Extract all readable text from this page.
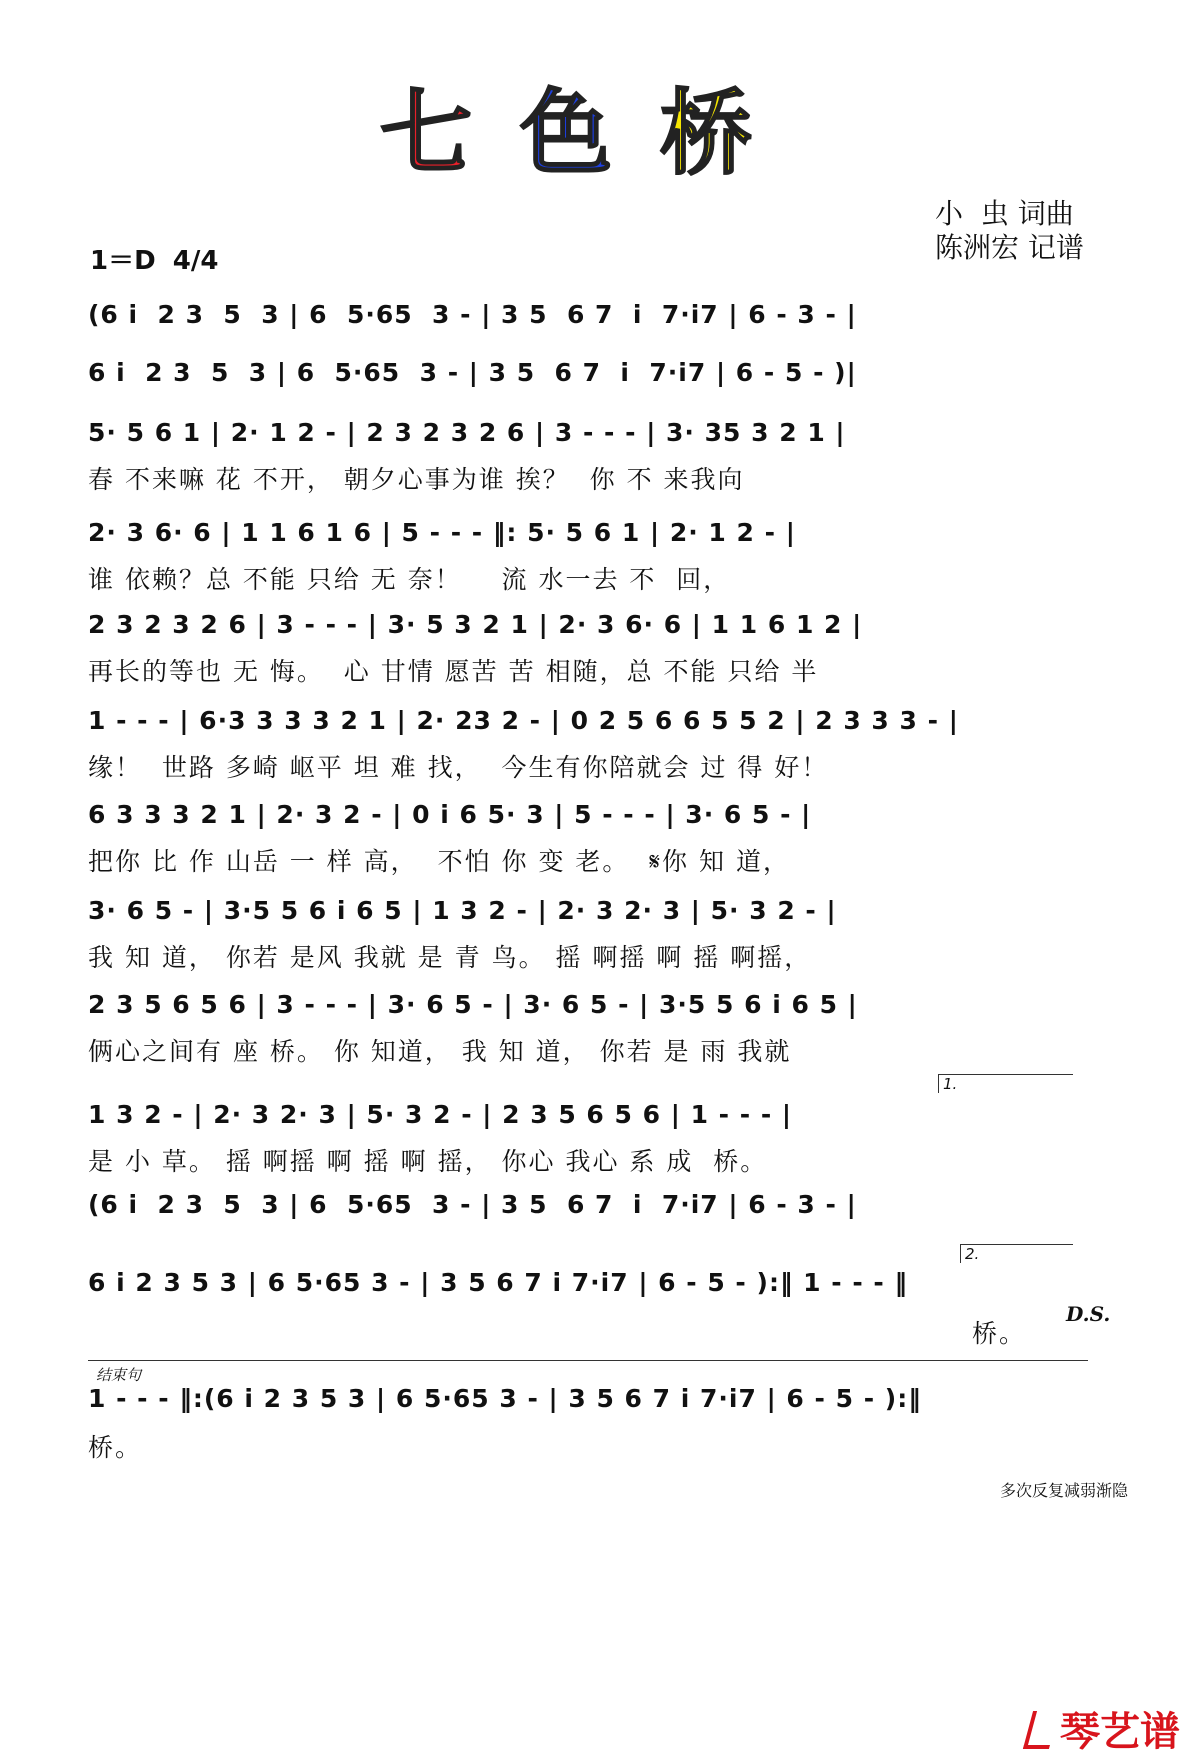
七色桥
1＝D 4/4
小  虫 词曲
陈洲宏 记谱
(6 i  2 3  5  3 | 6  5·65  3 - | 3 5  6 7  i  7·i7 | 6 - 3 - |
6 i  2 3  5  3 | 6  5·65  3 - | 3 5  6 7  i  7·i7 | 6 - 5 - )|
5· 5 6 1 | 2· 1 2 - | 2 3 2 3 2 6 | 3 - - - | 3· 35 3 2 1 |
春 不来嘛 花 不开， 朝夕心事为谁 挨？  你 不 来我向
2· 3 6· 6 | 1 1 6 1 6 | 5 - - - ‖: 5· 5 6 1 | 2· 1 2 - |
谁 依赖？总 不能 只给 无 奈！    流 水一去 不  回，
2 3 2 3 2 6 | 3 - - - | 3· 5 3 2 1 | 2· 3 6· 6 | 1 1 6 1 2 |
再长的等也 无 悔。  心 甘情 愿苦 苦 相随，总 不能 只给 半
1 - - - | 6·3 3 3 3 2 1 | 2· 23 2 - | 0 2 5 6 6 5 5 2 | 2 3 3 3 - |
缘！  世路 多崎 岖平 坦 难 找，  今生有你陪就会 过 得 好！
6 3 3 3 2 1 | 2· 3 2 - | 0 i 6 5· 3 | 5 - - - | 3· 6 5 - |
把你 比 作 山岳 一 样 高，  不怕 你 变 老。  𝄋你 知 道，
3· 6 5 - | 3·5 5 6 i 6 5 | 1 3 2 - | 2· 3 2· 3 | 5· 3 2 - |
我 知 道， 你若 是风 我就 是 青 鸟。 摇 啊摇 啊 摇 啊摇，
2 3 5 6 5 6 | 3 - - - | 3· 6 5 - | 3· 6 5 - | 3·5 5 6 i 6 5 |
俩心之间有 座 桥。 你 知道， 我 知 道， 你若 是 雨 我就
1.
1 3 2 - | 2· 3 2· 3 | 5· 3 2 - | 2 3 5 6 5 6 | 1 - - - |
是 小 草。 摇 啊摇 啊 摇 啊 摇， 你心 我心 系 成  桥。
(6 i  2 3  5  3 | 6  5·65  3 - | 3 5  6 7  i  7·i7 | 6 - 3 - |
2.
6 i 2 3 5 3 | 6 5·65 3 - | 3 5 6 7 i 7·i7 | 6 - 5 - ):‖ 1 - - - ‖
桥。
D.S.
结束句
1 - - - ‖:(6 i 2 3 5 3 | 6 5·65 3 - | 3 5 6 7 i 7·i7 | 6 - 5 - ):‖
桥。
多次反复减弱渐隐
琴艺谱
